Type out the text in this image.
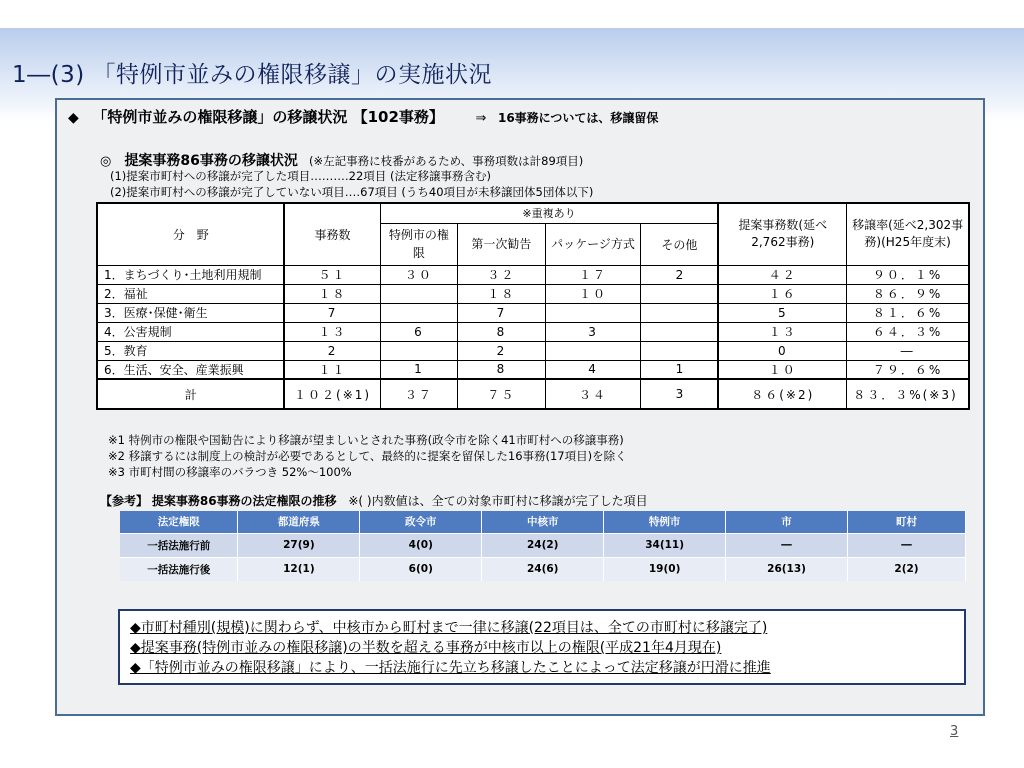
1―(3) 「特例市並みの権限移譲」の実施状況
◆ 「特例市並みの権限移譲」の移譲状況 【102事務】 ⇒ 16事務については、移譲留保
◎ 提案事務86事務の移譲状況 (※左記事務に枝番があるため、事務項数は計89項目)
(1)提案市町村への移譲が完了した項目‥‥‥‥‥22項目 (法定移譲事務含む)
(2)提案市町村への移譲が完了していない項目‥‥67項目 (うち40項目が未移譲団体5団体以下)
分　野	事務数	※重複あり				提案事務数(延べ2,762事務)	移譲率(延べ2,302事務)(H25年度末)
		特例市の権限	第一次勧告	パッケージ方式	その他		

1．まちづくり･土地利用規制	５１	３０	３２	１７	2	４２	９０．１%
2．福祉	１８		１８	１０		１６	８６．９%
3．医療･保健･衛生	7		7			5	８１．６%
4．公害規制	１３	6	8	3		１３	６４．３%
5．教育	2		2			0	―
6．生活、安全、産業振興	１１	1	8	4	1	１０	７９．６%
計	１０２(※1)	３７	７５	３４	3	８６(※2)	８３．３%(※3)
※1 特例市の権限や国勧告により移譲が望ましいとされた事務(政令市を除く41市町村への移譲事務)
※2 移譲するには制度上の検討が必要であるとして、最終的に提案を留保した16事務(17項目)を除く
※3 市町村間の移譲率のバラつき 52%～100%
【参考】 提案事務86事務の法定権限の推移 ※( )内数値は、全ての対象市町村に移譲が完了した項目
法定権限	都道府県	政令市	中核市	特例市	市	町村
一括法施行前	27(9)	4(0)	24(2)	34(11)	―	―
一括法施行後	12(1)	6(0)	24(6)	19(0)	26(13)	2(2)
◆市町村種別(規模)に関わらず、中核市から町村まで一律に移譲(22項目は、全ての市町村に移譲完了)
◆提案事務(特例市並みの権限移譲)の半数を超える事務が中核市以上の権限(平成21年4月現在)
◆「特例市並みの権限移譲」により、一括法施行に先立ち移譲したことによって法定移譲が円滑に推進
3
